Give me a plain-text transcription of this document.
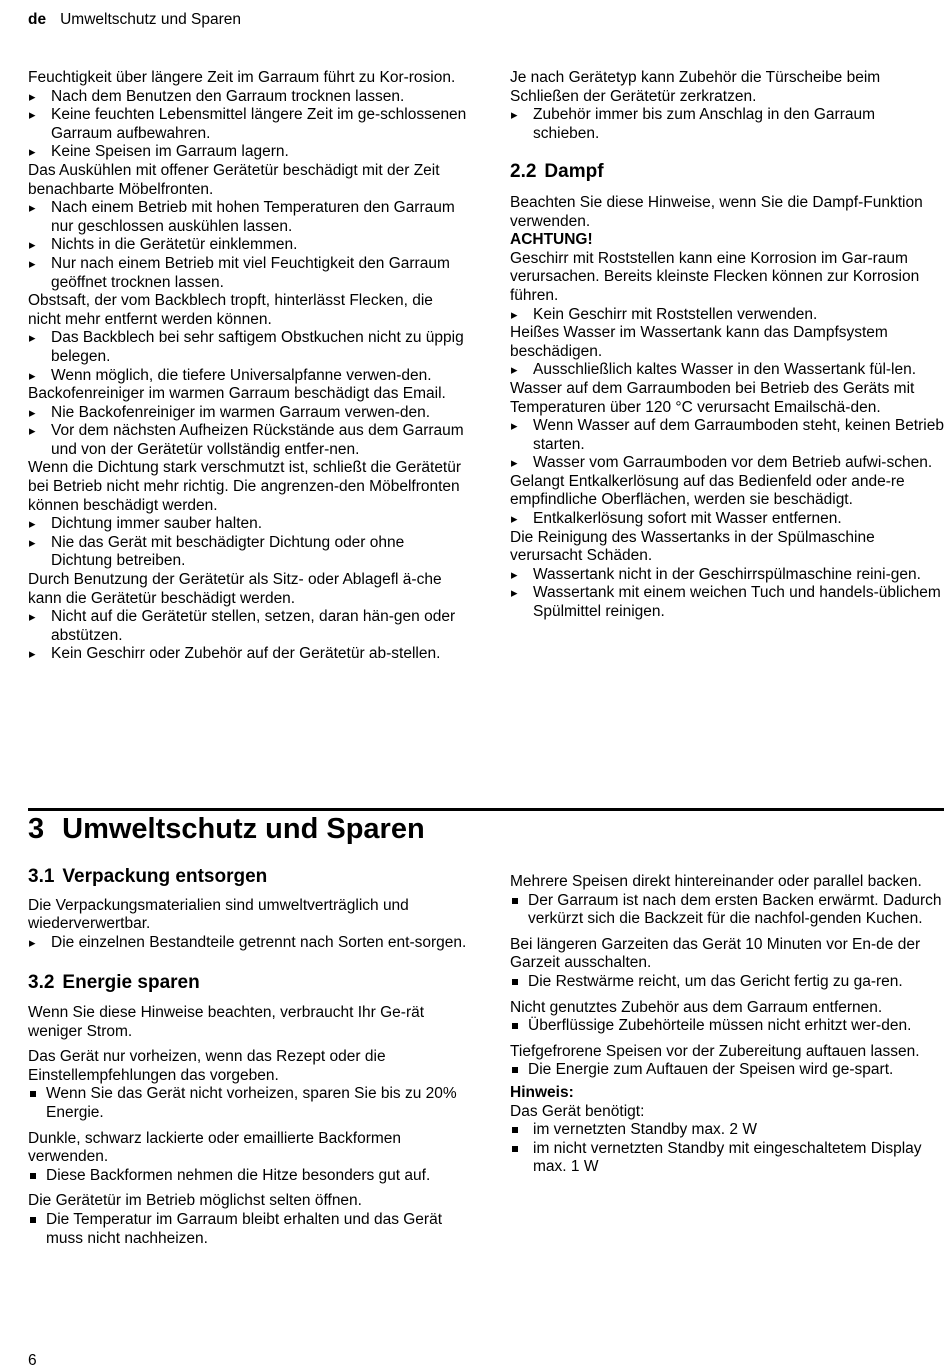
de Umweltschutz und Sparen
Feuchtigkeit über längere Zeit im Garraum führt zu Kor-rosion.
▸ Nach dem Benutzen den Garraum trocknen lassen.
▸ Keine feuchten Lebensmittel längere Zeit im ge-schlossenen Garraum aufbewahren.
▸ Keine Speisen im Garraum lagern.
Das Auskühlen mit offener Gerätetür beschädigt mit der Zeit benachbarte Möbelfronten.
▸ Nach einem Betrieb mit hohen Temperaturen den Garraum nur geschlossen auskühlen lassen.
▸ Nichts in die Gerätetür einklemmen.
▸ Nur nach einem Betrieb mit viel Feuchtigkeit den Garraum geöffnet trocknen lassen.
Obstsaft, der vom Backblech tropft, hinterlässt Flecken, die nicht mehr entfernt werden können.
▸ Das Backblech bei sehr saftigem Obstkuchen nicht zu üppig belegen.
▸ Wenn möglich, die tiefere Universalpfanne verwen-den.
Backofenreiniger im warmen Garraum beschädigt das Email.
▸ Nie Backofenreiniger im warmen Garraum verwen-den.
▸ Vor dem nächsten Aufheizen Rückstände aus dem Garraum und von der Gerätetür vollständig entfer-nen.
Wenn die Dichtung stark verschmutzt ist, schließt die Gerätetür bei Betrieb nicht mehr richtig. Die angrenzen-den Möbelfronten können beschädigt werden.
▸ Dichtung immer sauber halten.
▸ Nie das Gerät mit beschädigter Dichtung oder ohne Dichtung betreiben.
Durch Benutzung der Gerätetür als Sitz- oder Ablagefl ä-che kann die Gerätetür beschädigt werden.
▸ Nicht auf die Gerätetür stellen, setzen, daran hän-gen oder abstützen.
▸ Kein Geschirr oder Zubehör auf der Gerätetür ab-stellen.
Je nach Gerätetyp kann Zubehör die Türscheibe beim Schließen der Gerätetür zerkratzen.
▸ Zubehör immer bis zum Anschlag in den Garraum schieben.
2.2 Dampf
Beachten Sie diese Hinweise, wenn Sie die Dampf-Funktion verwenden.
ACHTUNG!
Geschirr mit Roststellen kann eine Korrosion im Gar-raum verursachen. Bereits kleinste Flecken können zur Korrosion führen.
▸ Kein Geschirr mit Roststellen verwenden.
Heißes Wasser im Wassertank kann das Dampfsystem beschädigen.
▸ Ausschließlich kaltes Wasser in den Wassertank fül-len.
Wasser auf dem Garraumboden bei Betrieb des Geräts mit Temperaturen über 120 °C verursacht Emailschä-den.
▸ Wenn Wasser auf dem Garraumboden steht, keinen Betrieb starten.
▸ Wasser vom Garraumboden vor dem Betrieb aufwi-schen.
Gelangt Entkalkerlösung auf das Bedienfeld oder ande-re empfindliche Oberflächen, werden sie beschädigt.
▸ Entkalkerlösung sofort mit Wasser entfernen.
Die Reinigung des Wassertanks in der Spülmaschine verursacht Schäden.
▸ Wassertank nicht in der Geschirrspülmaschine reini-gen.
▸ Wassertank mit einem weichen Tuch und handels-üblichem Spülmittel reinigen.
3 Umweltschutz und Sparen
3.1 Verpackung entsorgen
Die Verpackungsmaterialien sind umweltverträglich und wiederverwertbar.
▸ Die einzelnen Bestandteile getrennt nach Sorten ent-sorgen.
3.2 Energie sparen
Wenn Sie diese Hinweise beachten, verbraucht Ihr Ge-rät weniger Strom.
Das Gerät nur vorheizen, wenn das Rezept oder die Einstellempfehlungen das vorgeben.
Wenn Sie das Gerät nicht vorheizen, sparen Sie bis zu 20% Energie.
Dunkle, schwarz lackierte oder emaillierte Backformen verwenden.
Diese Backformen nehmen die Hitze besonders gut auf.
Die Gerätetür im Betrieb möglichst selten öffnen.
Die Temperatur im Garraum bleibt erhalten und das Gerät muss nicht nachheizen.
Mehrere Speisen direkt hintereinander oder parallel backen.
Der Garraum ist nach dem ersten Backen erwärmt. Dadurch verkürzt sich die Backzeit für die nachfol-genden Kuchen.
Bei längeren Garzeiten das Gerät 10 Minuten vor En-de der Garzeit ausschalten.
Die Restwärme reicht, um das Gericht fertig zu ga-ren.
Nicht genutztes Zubehör aus dem Garraum entfernen.
Überflüssige Zubehörteile müssen nicht erhitzt wer-den.
Tiefgefrorene Speisen vor der Zubereitung auftauen lassen.
Die Energie zum Auftauen der Speisen wird ge-spart.
Hinweis:
Das Gerät benötigt:
im vernetzten Standby max. 2 W
im nicht vernetzten Standby mit eingeschaltetem Display max. 1 W
6
